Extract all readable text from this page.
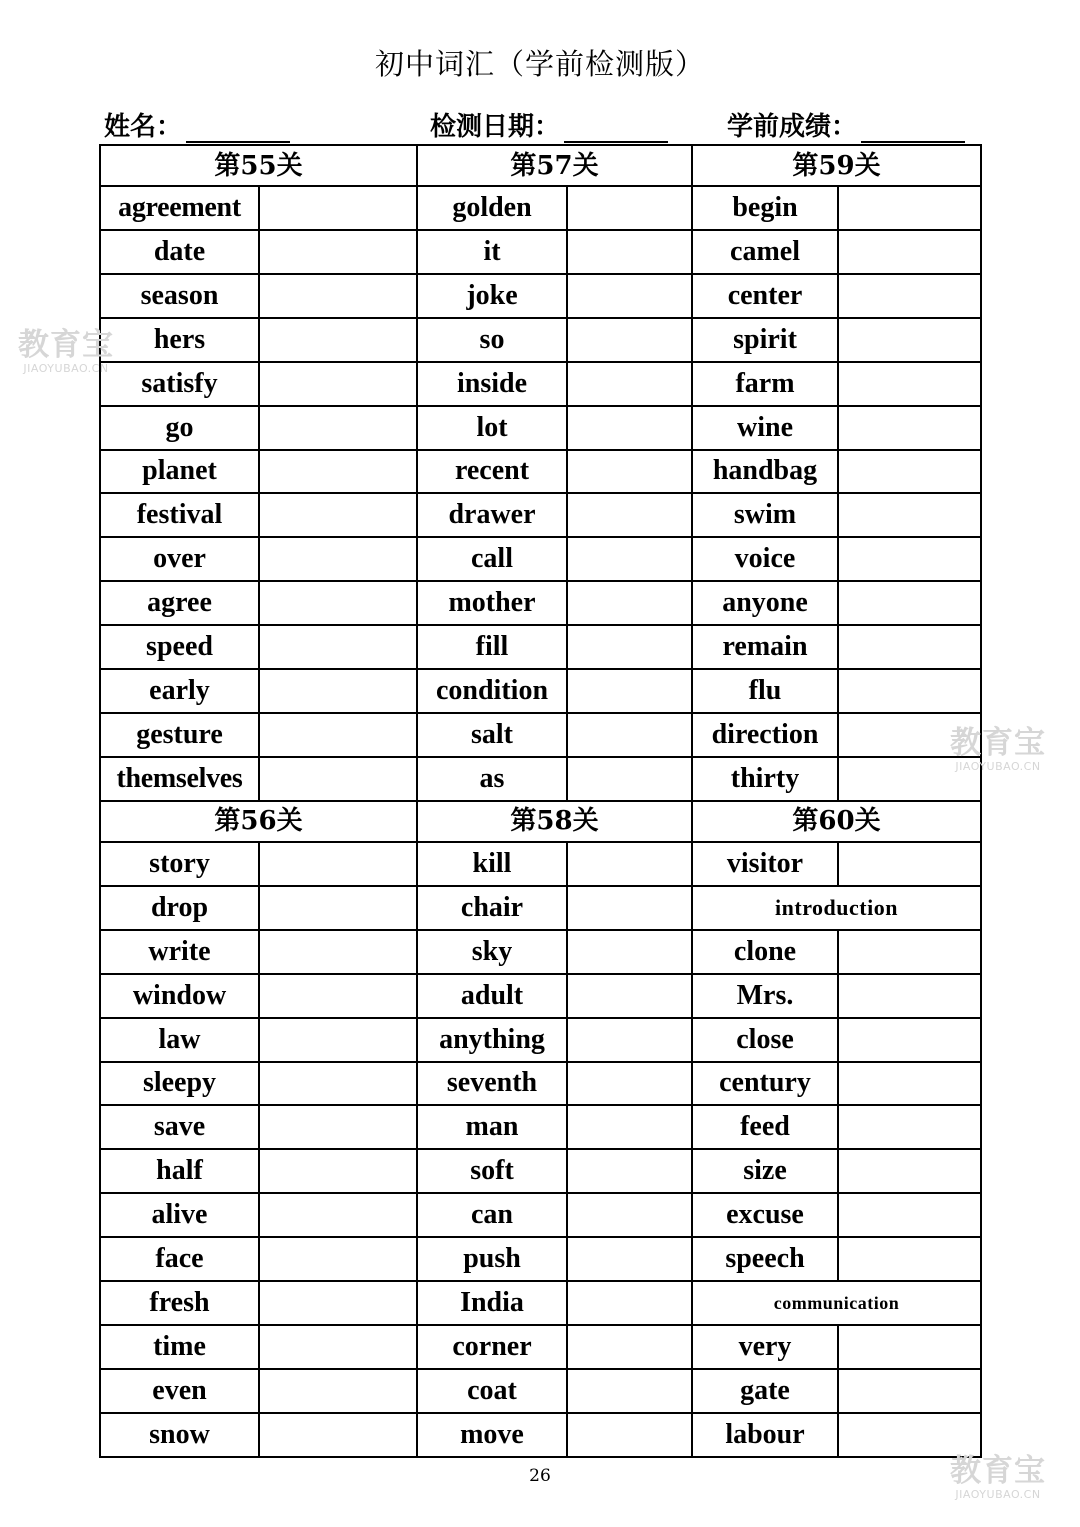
初中词汇（学前检测版）
姓名：	检测日期：	学前成绩：
第55关		第57关		第59关	
agreement		golden		begin	
date		it		camel	
season		joke		center	
hers		so		spirit	
satisfy		inside		farm	
go		lot		wine	
planet		recent		handbag	
festival		drawer		swim	
over		call		voice	
agree		mother		anyone	
speed		fill		remain	
early		condition		flu	
gesture		salt		direction	
themselves		as		thirty	
第56关		第58关		第60关	
story		kill		visitor	
drop		chair		introduction	
write		sky		clone	
window		adult		Mrs.	
law		anything		close	
sleepy		seventh		century	
save		man		feed	
half		soft		size	
alive		can		excuse	
face		push		speech	
fresh		India		communication	
time		corner		very	
even		coat		gate	
snow		move		labour	
26
教育宝
JIAOYUBAO.CN
教育宝
JIAOYUBAO.CN
教育宝
JIAOYUBAO.CN
